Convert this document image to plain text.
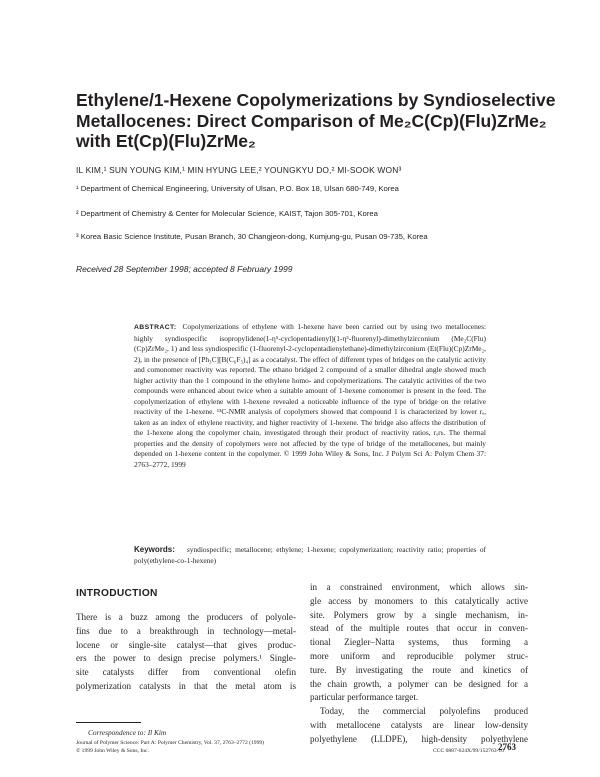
Ethylene/1-Hexene Copolymerizations by Syndioselective
Metallocenes: Direct Comparison of Me₂C(Cp)(Flu)ZrMe₂
with Et(Cp)(Flu)ZrMe₂
IL KIM,¹ SUN YOUNG KIM,¹ MIN HYUNG LEE,² YOUNGKYU DO,² MI-SOOK WON³
¹ Department of Chemical Engineering, University of Ulsan, P.O. Box 18, Ulsan 680-749, Korea
² Department of Chemistry & Center for Molecular Science, KAIST, Tajon 305-701, Korea
³ Korea Basic Science Institute, Pusan Branch, 30 Changjeon-dong, Kumjung-gu, Pusan 09-735, Korea
Received 28 September 1998; accepted 8 February 1999
ABSTRACT: Copolymerizations of ethylene with 1-hexene have been carried out by using two metallocenes: highly syndiospecific isopropylidene(1-η⁵-cyclopentadienyl)(1-η⁵-fluorenyl)-dimethylzirconium (Me₂C(Flu)(Cp)ZrMe₂, 1) and less syndiospecific (1-fluorenyl-2-cyclopentadienylethane)-dimethylzirconium (Et(Flu)(Cp)ZrMe₂, 2), in the presence of [Ph₃C][B(C₆F₅)₄] as a cocatalyst. The effect of different types of bridges on the catalytic activity and comonomer reactivity was reported. The ethano bridged 2 compound of a smaller dihedral angle showed much higher activity than the 1 compound in the ethylene homo- and copolymerizations. The catalytic activities of the two compounds were enhanced about twice when a suitable amount of 1-hexene comonomer is present in the feed. The copolymerization of ethylene with 1-hexene revealed a noticeable influence of the type of bridge on the relative reactivity of the 1-hexene. ¹³C-NMR analysis of copolymers showed that compound 1 is characterized by lower rₑ, taken as an index of ethylene reactivity, and higher reactivity of 1-hexene. The bridge also affects the distribution of the 1-hexene along the copolymer chain, investigated through their product of reactivity ratios, rₑrₕ. The thermal properties and the density of copolymers were not affected by the type of bridge of the metallocenes, but mainly depended on 1-hexene content in the copolymer. © 1999 John Wiley & Sons, Inc. J Polym Sci A: Polym Chem 37: 2763–2772, 1999
Keywords: syndiospecific; metallocene; ethylene; 1-hexene; copolymerization; reactivity ratio; properties of poly(ethylene-co-1-hexene)
INTRODUCTION
There is a buzz among the producers of polyole-
fins due to a breakthrough in technology—metal-
locene or single-site catalyst—that gives produc-
ers the power to design precise polymers.¹ Single-
site catalysts differ from conventional olefin
polymerization catalysts in that the metal atom is
in a constrained environment, which allows sin-
gle access by monomers to this catalytically active
site. Polymers grow by a single mechanism, in-
stead of the multiple routes that occur in conven-
tional Ziegler–Natta systems, thus forming a
more uniform and reproducible polymer struc-
ture. By investigating the route and kinetics of
the chain growth, a polymer can be designed for a
particular performance target.
Today, the commercial polyolefins produced
with metallocene catalysts are linear low-density
polyethylene (LLDPE), high-density polyethylene
Correspondence to: Il Kim
Journal of Polymer Science: Part A: Polymer Chemistry, Vol. 37, 2763–2772 (1999)
© 1999 John Wiley & Sons, Inc.	CCC 0887-624X/99/152763-10
2763
